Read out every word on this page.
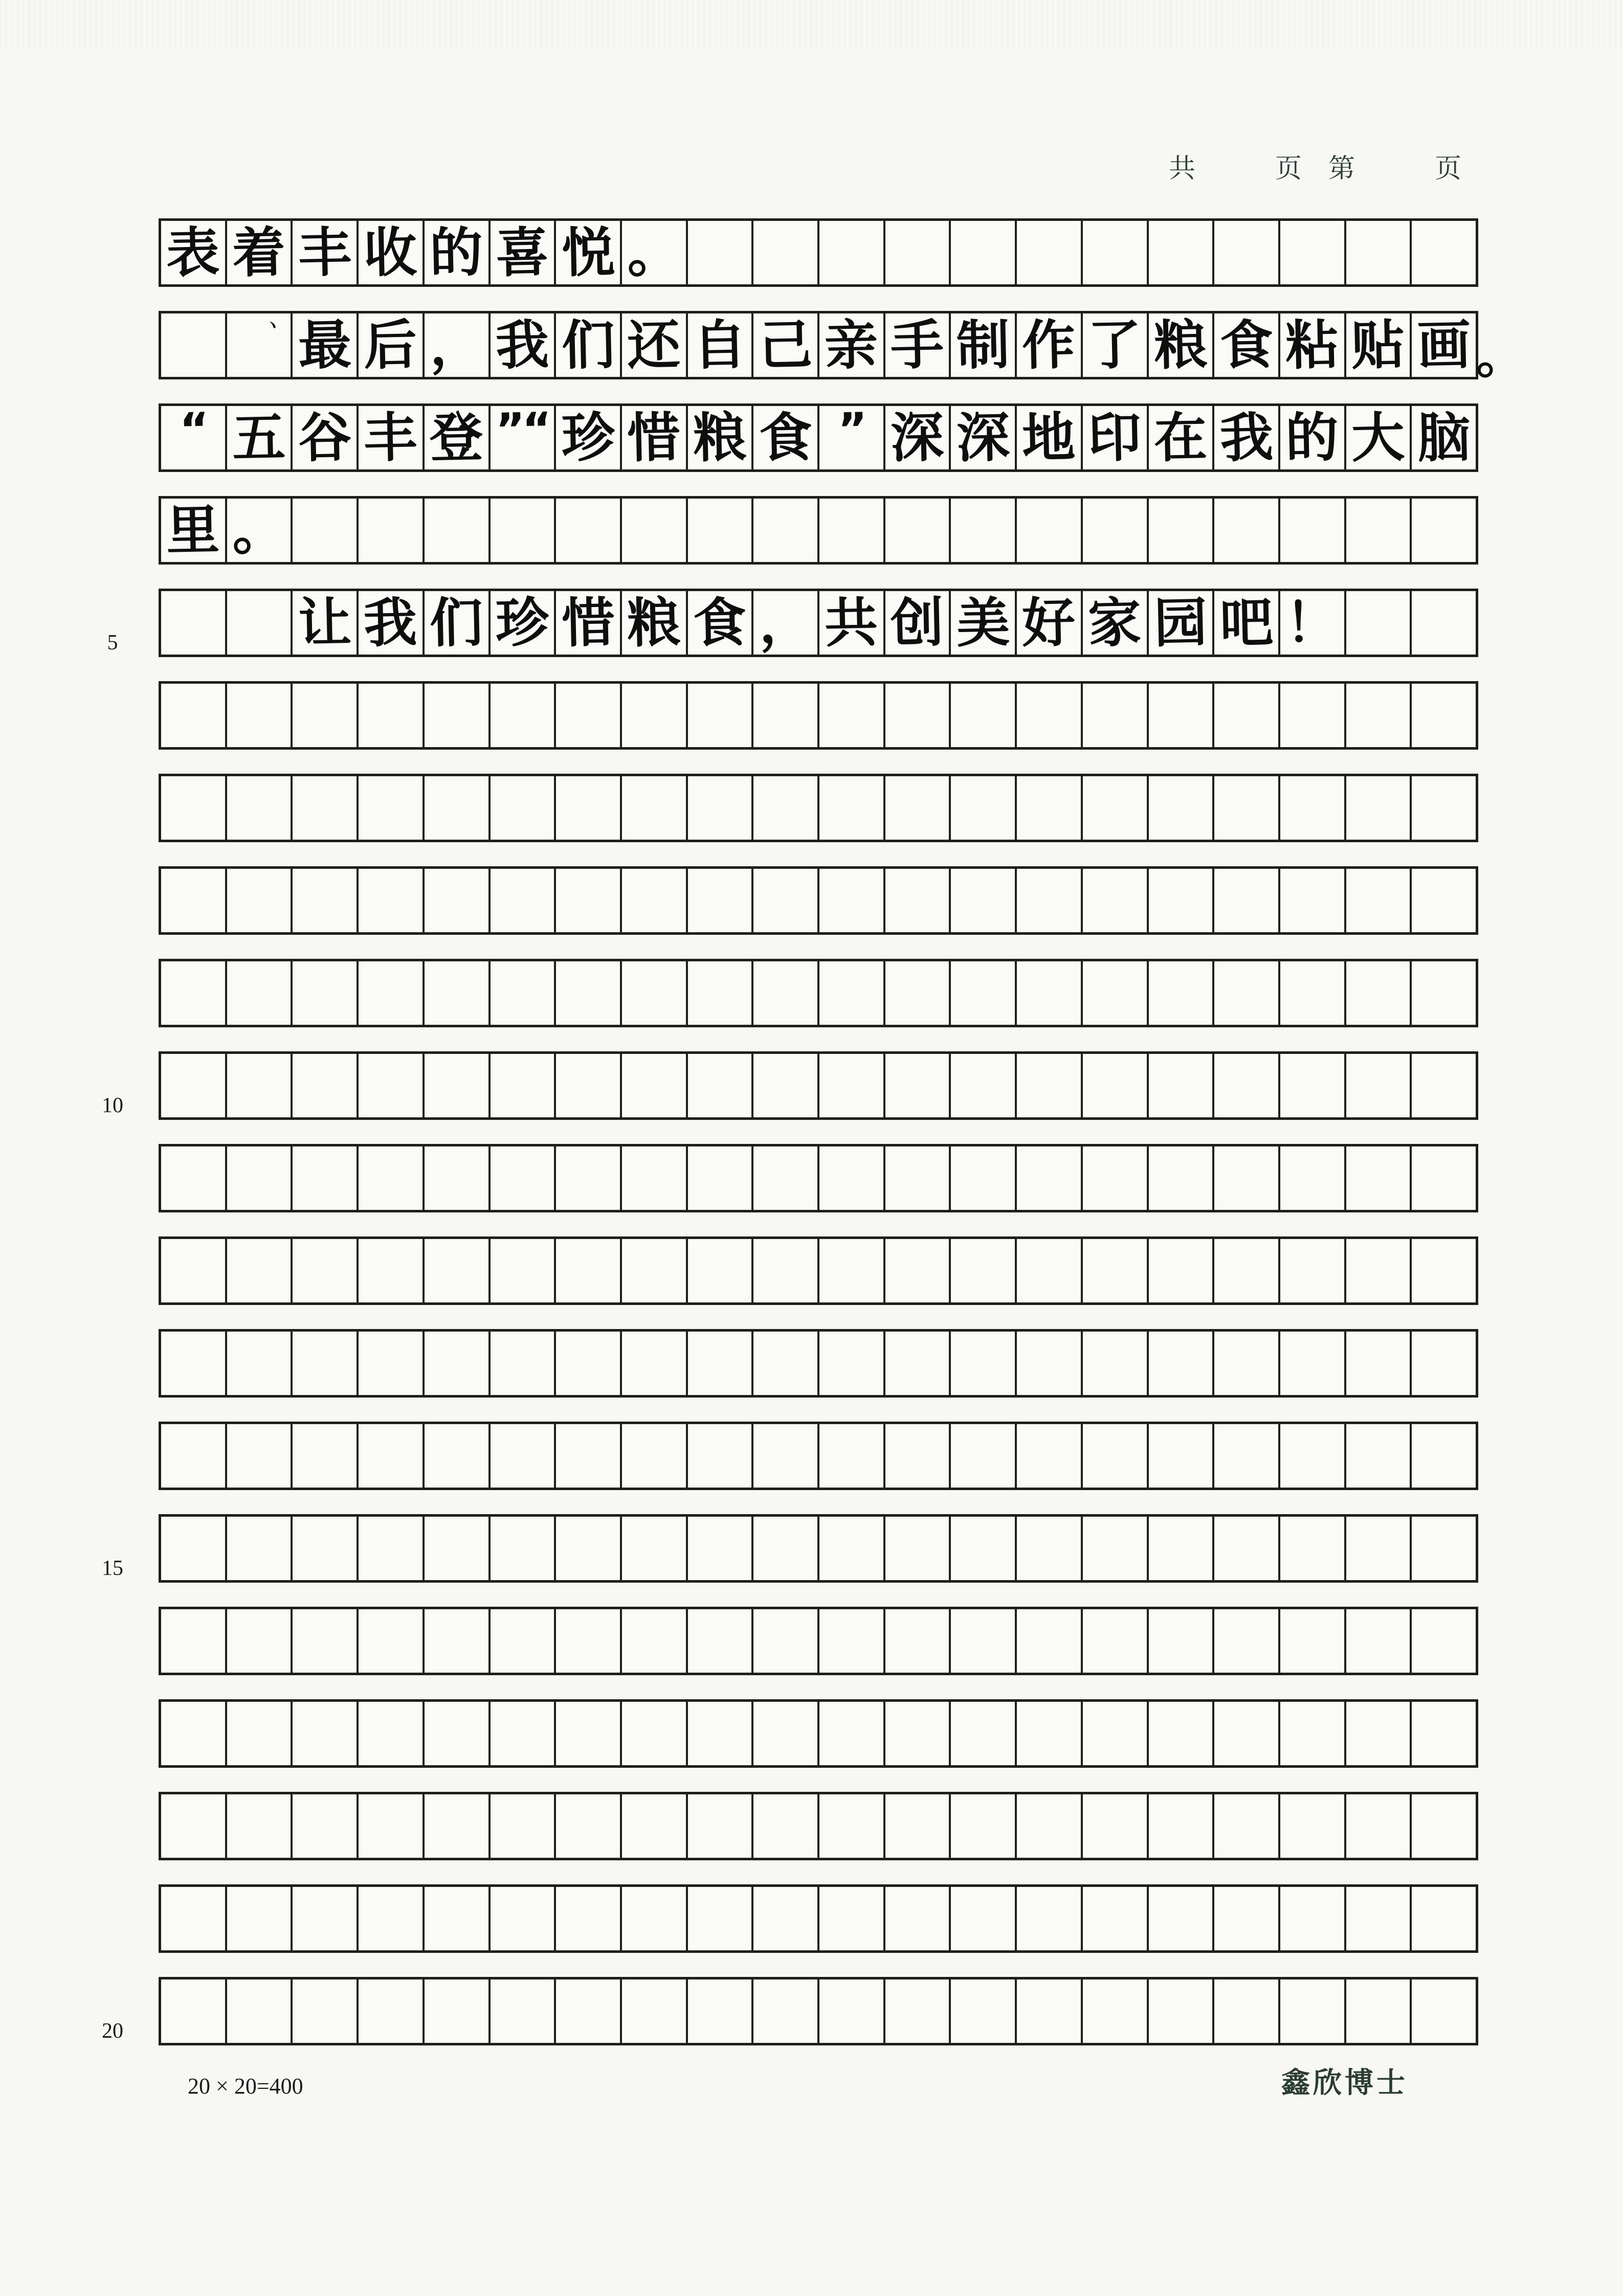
共　　　页　第　　　页
5
10
15
20
表 着 丰 收 的 喜 悦 。
最 后 ， 我 们 还 自 己 亲 手 制 作 了 粮 食 粘 贴 画
“ 五 谷 丰 登 ”“ 珍 惜 粮 食 ” 深 深 地 印 在 我 的 大 脑
里 。
让 我 们 珍 惜 粮 食 ， 共 创 美 好 家 园 吧 ！
、
。
20 × 20=400	鑫欣博士
